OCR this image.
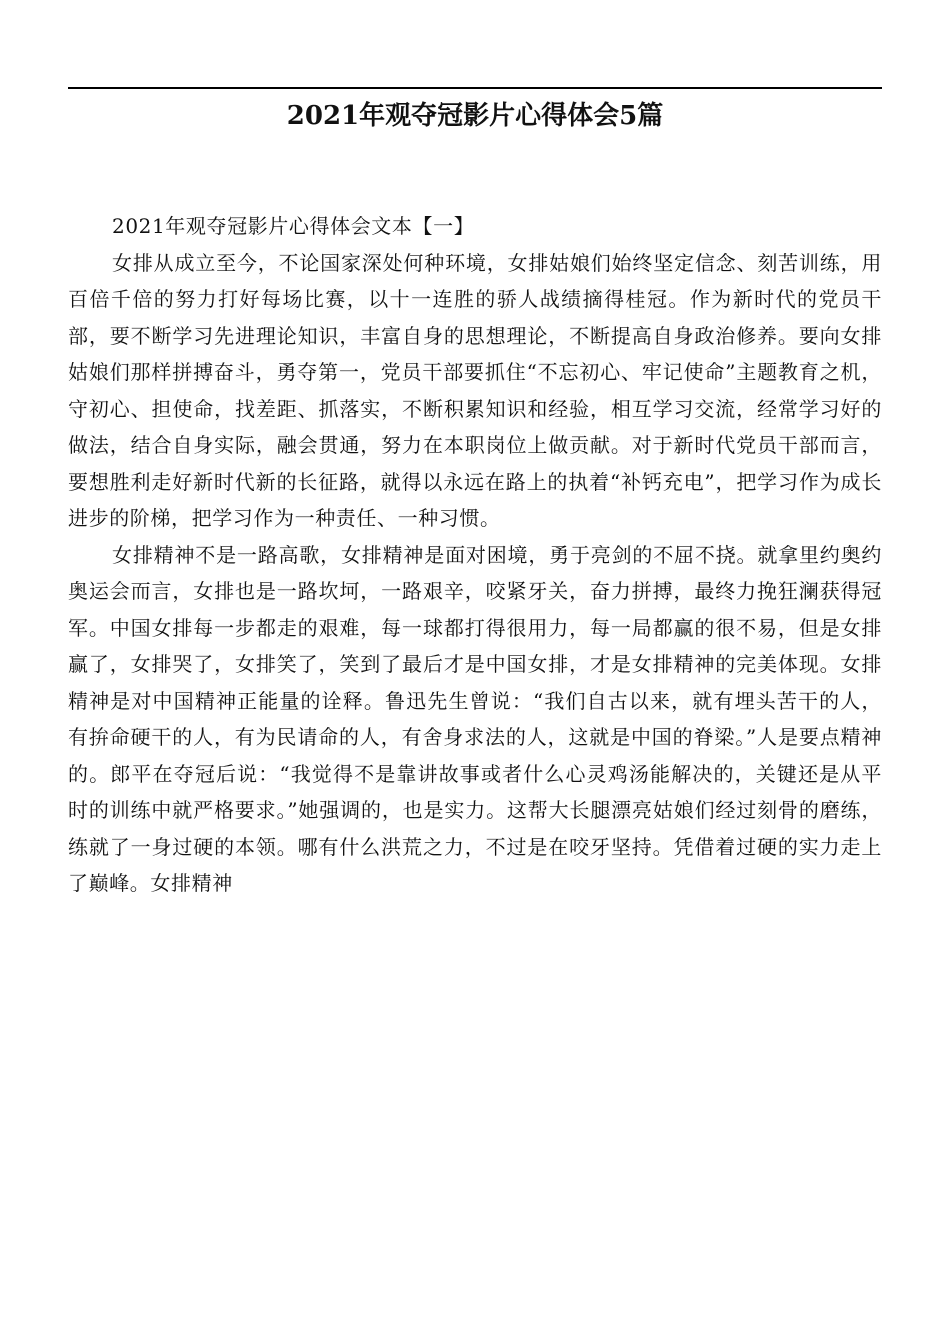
2021年观夺冠影片心得体会5篇

2021年观夺冠影片心得体会文本【一】

女排从成立至今，不论国家深处何种环境，女排姑娘们始终坚定信念、刻苦训练，用百倍千倍的努力打好每场比赛，以十一连胜的骄人战绩摘得桂冠。作为新时代的党员干部，要不断学习先进理论知识，丰富自身的思想理论，不断提高自身政治修养。要向女排姑娘们那样拼搏奋斗，勇夺第一，党员干部要抓住“不忘初心、牢记使命”主题教育之机，守初心、担使命，找差距、抓落实，不断积累知识和经验，相互学习交流，经常学习好的做法，结合自身实际，融会贯通，努力在本职岗位上做贡献。对于新时代党员干部而言，要想胜利走好新时代新的长征路，就得以永远在路上的执着“补钙充电”，把学习作为成长进步的阶梯，把学习作为一种责任、一种习惯。

女排精神不是一路高歌，女排精神是面对困境，勇于亮剑的不屈不挠。就拿里约奥约奥运会而言，女排也是一路坎坷，一路艰辛，咬紧牙关，奋力拼搏，最终力挽狂澜获得冠军。中国女排每一步都走的艰难，每一球都打得很用力，每一局都赢的很不易，但是女排赢了，女排哭了，女排笑了，笑到了最后才是中国女排，才是女排精神的完美体现。女排精神是对中国精神正能量的诠释。鲁迅先生曾说：“我们自古以来，就有埋头苦干的人，有拚命硬干的人，有为民请命的人，有舍身求法的人，这就是中国的脊梁。”人是要点精神的。郎平在夺冠后说：“我觉得不是靠讲故事或者什么心灵鸡汤能解决的，关键还是从平时的训练中就严格要求。”她强调的，也是实力。这帮大长腿漂亮姑娘们经过刻骨的磨练，练就了一身过硬的本领。哪有什么洪荒之力，不过是在咬牙坚持。凭借着过硬的实力走上了巅峰。女排精神
